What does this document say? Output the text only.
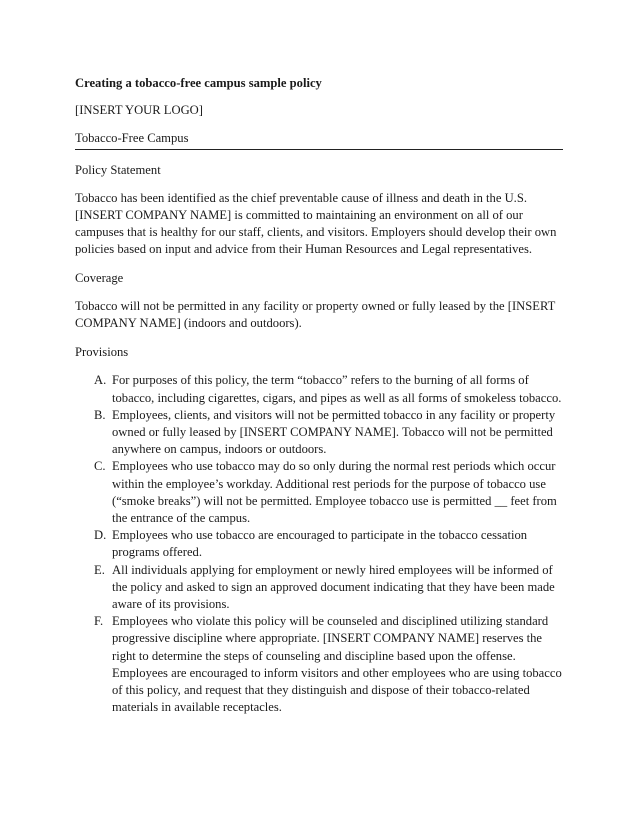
Creating a tobacco-free campus sample policy
[INSERT YOUR LOGO]
Tobacco-Free Campus
Policy Statement
Tobacco has been identified as the chief preventable cause of illness and death in the U.S. [INSERT COMPANY NAME] is committed to maintaining an environment on all of our campuses that is healthy for our staff, clients, and visitors. Employers should develop their own policies based on input and advice from their Human Resources and Legal representatives.
Coverage
Tobacco will not be permitted in any facility or property owned or fully leased by the [INSERT COMPANY NAME] (indoors and outdoors).
Provisions
A. For purposes of this policy, the term “tobacco” refers to the burning of all forms of tobacco, including cigarettes, cigars, and pipes as well as all forms of smokeless tobacco.
B. Employees, clients, and visitors will not be permitted tobacco in any facility or property owned or fully leased by [INSERT COMPANY NAME]. Tobacco will not be permitted anywhere on campus, indoors or outdoors.
C. Employees who use tobacco may do so only during the normal rest periods which occur within the employee’s workday. Additional rest periods for the purpose of tobacco use (“smoke breaks”) will not be permitted. Employee tobacco use is permitted __ feet from the entrance of the campus.
D. Employees who use tobacco are encouraged to participate in the tobacco cessation programs offered.
E. All individuals applying for employment or newly hired employees will be informed of the policy and asked to sign an approved document indicating that they have been made aware of its provisions.
F. Employees who violate this policy will be counseled and disciplined utilizing standard progressive discipline where appropriate. [INSERT COMPANY NAME] reserves the right to determine the steps of counseling and discipline based upon the offense. Employees are encouraged to inform visitors and other employees who are using tobacco of this policy, and request that they distinguish and dispose of their tobacco-related materials in available receptacles.
